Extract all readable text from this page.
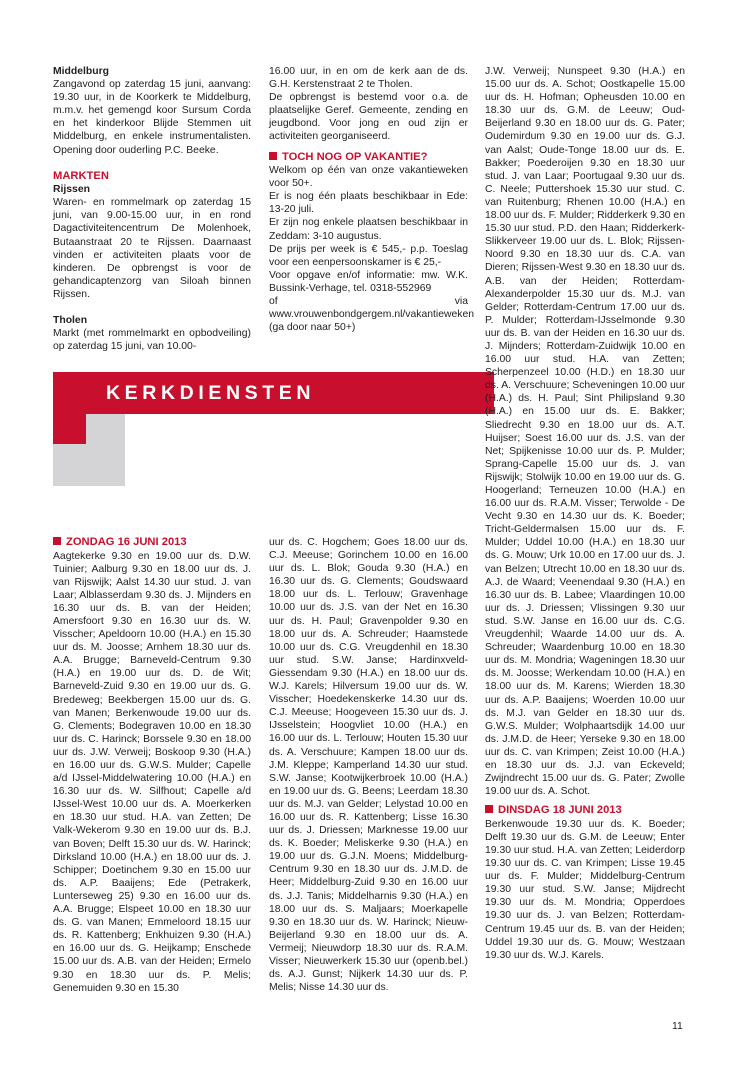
Middelburg

Zangavond op zaterdag 15 juni, aanvang: 19.30 uur, in de Koorkerk te Middelburg, m.m.v. het gemengd koor Sursum Corda en het kinderkoor Blijde Stemmen uit Middelburg, en enkele instrumentalisten. Opening door ouderling P.C. Beeke.

MARKTEN

Rijssen

Waren- en rommelmark op zaterdag 15 juni, van 9.00-15.00 uur, in en rond Dagactiviteitencentrum De Molenhoek, Butaanstraat 20 te Rijssen. Daarnaast vinden er activiteiten plaats voor de kinderen. De opbrengst is voor de gehandicaptenzorg van Siloah binnen Rijssen.

Tholen

Markt (met rommelmarkt en opbodveiling) op zaterdag 15 juni, van 10.00-

16.00 uur, in en om de kerk aan de ds. G.H. Kerstenstraat 2 te Tholen.

De opbrengst is bestemd voor o.a. de plaatselijke Geref. Gemeente, zending en jeugdbond. Voor jong en oud zijn er activiteiten georganiseerd.

TOCH NOG OP VAKANTIE?

Welkom op één van onze vakantieweken voor 50+.

Er is nog één plaats beschikbaar in Ede: 13-20 juli.

Er zijn nog enkele plaatsen beschikbaar in Zeddam: 3-10 augustus.

De prijs per week is € 545,- p.p. Toeslag voor een eenpersoonskamer is € 25,-

Voor opgave en/of informatie: mw. W.K. Bussink-Verhage, tel. 0318-552969

of via www.vrouwenbondgergem.nl/vakantieweken (ga door naar 50+)

KERKDIENSTEN

ZONDAG 16 JUNI 2013

Aagtekerke 9.30 en 19.00 uur ds. D.W. Tuinier; Aalburg 9.30 en 18.00 uur ds. J. van Rijswijk; Aalst 14.30 uur stud. J. van Laar; Alblasserdam 9.30 ds. J. Mijnders en 16.30 uur ds. B. van der Heiden; Amersfoort 9.30 en 16.30 uur ds. W. Visscher; Apeldoorn 10.00 (H.A.) en 15.30 uur ds. M. Joosse; Arnhem 18.30 uur ds. A.A. Brugge; Barneveld-Centrum 9.30 (H.A.) en 19.00 uur ds. D. de Wit; Barneveld-Zuid 9.30 en 19.00 uur ds. G. Bredeweg; Beekbergen 15.00 uur ds. G. van Manen; Berkenwoude 19.00 uur ds. G. Clements; Bodegraven 10.00 en 18.30 uur ds. C. Harinck; Borssele 9.30 en 18.00 uur ds. J.W. Verweij; Boskoop 9.30 (H.A.) en 16.00 uur ds. G.W.S. Mulder; Capelle a/d IJssel-Middelwatering 10.00 (H.A.) en 16.30 uur ds. W. Silfhout; Capelle a/d IJssel-West 10.00 uur ds. A. Moerkerken en 18.30 uur stud. H.A. van Zetten; De Valk-Wekerom 9.30 en 19.00 uur ds. B.J. van Boven; Delft 15.30 uur ds. W. Harinck; Dirksland 10.00 (H.A.) en 18.00 uur ds. J. Schipper; Doetinchem 9.30 en 15.00 uur ds. A.P. Baaijens; Ede (Petrakerk, Lunterseweg 25) 9.30 en 16.00 uur ds. A.A. Brugge; Elspeet 10.00 en 18.30 uur ds. G. van Manen; Emmeloord 18.15 uur ds. R. Kattenberg; Enkhuizen 9.30 (H.A.) en 16.00 uur ds. G. Heijkamp; Enschede 15.00 uur ds. A.B. van der Heiden; Ermelo 9.30 en 18.30 uur ds. P. Melis; Genemuiden 9.30 en 15.30

uur ds. C. Hogchem; Goes 18.00 uur ds. C.J. Meeuse; Gorinchem 10.00 en 16.00 uur ds. L. Blok; Gouda 9.30 (H.A.) en 16.30 uur ds. G. Clements; Goudswaard 18.00 uur ds. L. Terlouw; Gravenhage 10.00 uur ds. J.S. van der Net en 16.30 uur ds. H. Paul; Gravenpolder 9.30 en 18.00 uur ds. A. Schreuder; Haamstede 10.00 uur ds. C.G. Vreugdenhil en 18.30 uur stud. S.W. Janse; Hardinxveld-Giessendam 9.30 (H.A.) en 18.00 uur ds. W.J. Karels; Hilversum 19.00 uur ds. W. Visscher; Hoedekenskerke 14.30 uur ds. C.J. Meeuse; Hoogeveen 15.30 uur ds. J. IJsselstein; Hoogvliet 10.00 (H.A.) en 16.00 uur ds. L. Terlouw; Houten 15.30 uur ds. A. Verschuure; Kampen 18.00 uur ds. J.M. Kleppe; Kamperland 14.30 uur stud. S.W. Janse; Kootwijkerbroek 10.00 (H.A.) en 19.00 uur ds. G. Beens; Leerdam 18.30 uur ds. M.J. van Gelder; Lelystad 10.00 en 16.00 uur ds. R. Kattenberg; Lisse 16.30 uur ds. J. Driessen; Marknesse 19.00 uur ds. K. Boeder; Meliskerke 9.30 (H.A.) en 19.00 uur ds. G.J.N. Moens; Middelburg-Centrum 9.30 en 18.30 uur ds. J.M.D. de Heer; Middelburg-Zuid 9.30 en 16.00 uur ds. J.J. Tanis; Middelharnis 9.30 (H.A.) en 18.00 uur ds. S. Maljaars; Moerkapelle 9.30 en 18.30 uur ds. W. Harinck; Nieuw-Beijerland 9.30 en 18.00 uur ds. A. Vermeij; Nieuwdorp 18.30 uur ds. R.A.M. Visser; Nieuwerkerk 15.30 uur (openb.bel.) ds. A.J. Gunst; Nijkerk 14.30 uur ds. P. Melis; Nisse 14.30 uur ds.

J.W. Verweij; Nunspeet 9.30 (H.A.) en 15.00 uur ds. A. Schot; Oostkapelle 15.00 uur ds. H. Hofman; Opheusden 10.00 en 18.30 uur ds. G.M. de Leeuw; Oud-Beijerland 9.30 en 18.00 uur ds. G. Pater; Oudemirdum 9.30 en 19.00 uur ds. G.J. van Aalst; Oude-Tonge 18.00 uur ds. E. Bakker; Poederoijen 9.30 en 18.30 uur stud. J. van Laar; Poortugaal 9.30 uur ds. C. Neele; Puttershoek 15.30 uur stud. C. van Ruitenburg; Rhenen 10.00 (H.A.) en 18.00 uur ds. F. Mulder; Ridderkerk 9.30 en 15.30 uur stud. P.D. den Haan; Ridderkerk-Slikkerveer 19.00 uur ds. L. Blok; Rijssen-Noord 9.30 en 18.30 uur ds. C.A. van Dieren; Rijssen-West 9.30 en 18.30 uur ds. A.B. van der Heiden; Rotterdam-Alexanderpolder 15.30 uur ds. M.J. van Gelder; Rotterdam-Centrum 17.00 uur ds. P. Mulder; Rotterdam-IJsselmonde 9.30 uur ds. B. van der Heiden en 16.30 uur ds. J. Mijnders; Rotterdam-Zuidwijk 10.00 en 16.00 uur stud. H.A. van Zetten; Scherpenzeel 10.00 (H.D.) en 18.30 uur ds. A. Verschuure; Scheveningen 10.00 uur (H.A.) ds. H. Paul; Sint Philipsland 9.30 (H.A.) en 15.00 uur ds. E. Bakker; Sliedrecht 9.30 en 18.00 uur ds. A.T. Huijser; Soest 16.00 uur ds. J.S. van der Net; Spijkenisse 10.00 uur ds. P. Mulder; Sprang-Capelle 15.00 uur ds. J. van Rijswijk; Stolwijk 10.00 en 19.00 uur ds. G. Hoogerland; Terneuzen 10.00 (H.A.) en 16.00 uur ds. R.A.M. Visser; Terwolde - De Vecht 9.30 en 14.30 uur ds. K. Boeder; Tricht-Geldermalsen 15.00 uur ds. F. Mulder; Uddel 10.00 (H.A.) en 18.30 uur ds. G. Mouw; Urk 10.00 en 17.00 uur ds. J. van Belzen; Utrecht 10.00 en 18.30 uur ds. A.J. de Waard; Veenendaal 9.30 (H.A.) en 16.30 uur ds. B. Labee; Vlaardingen 10.00 uur ds. J. Driessen; Vlissingen 9.30 uur stud. S.W. Janse en 16.00 uur ds. C.G. Vreugdenhil; Waarde 14.00 uur ds. A. Schreuder; Waardenburg 10.00 en 18.30 uur ds. M. Mondria; Wageningen 18.30 uur ds. M. Joosse; Werkendam 10.00 (H.A.) en 18.00 uur ds. M. Karens; Wierden 18.30 uur ds. A.P. Baaijens; Woerden 10.00 uur ds. M.J. van Gelder en 18.30 uur ds. G.W.S. Mulder; Wolphaartsdijk 14.00 uur ds. J.M.D. de Heer; Yerseke 9.30 en 18.00 uur ds. C. van Krimpen; Zeist 10.00 (H.A.) en 18.30 uur ds. J.J. van Eckeveld; Zwijndrecht 15.00 uur ds. G. Pater; Zwolle 19.00 uur ds. A. Schot.

DINSDAG 18 JUNI 2013

Berkenwoude 19.30 uur ds. K. Boeder; Delft 19.30 uur ds. G.M. de Leeuw; Enter 19.30 uur stud. H.A. van Zetten; Leiderdorp 19.30 uur ds. C. van Krimpen; Lisse 19.45 uur ds. F. Mulder; Middelburg-Centrum 19.30 uur stud. S.W. Janse; Mijdrecht 19.30 uur ds. M. Mondria; Opperdoes 19.30 uur ds. J. van Belzen; Rotterdam-Centrum 19.45 uur ds. B. van der Heiden; Uddel 19.30 uur ds. G. Mouw; Westzaan 19.30 uur ds. W.J. Karels.

11
